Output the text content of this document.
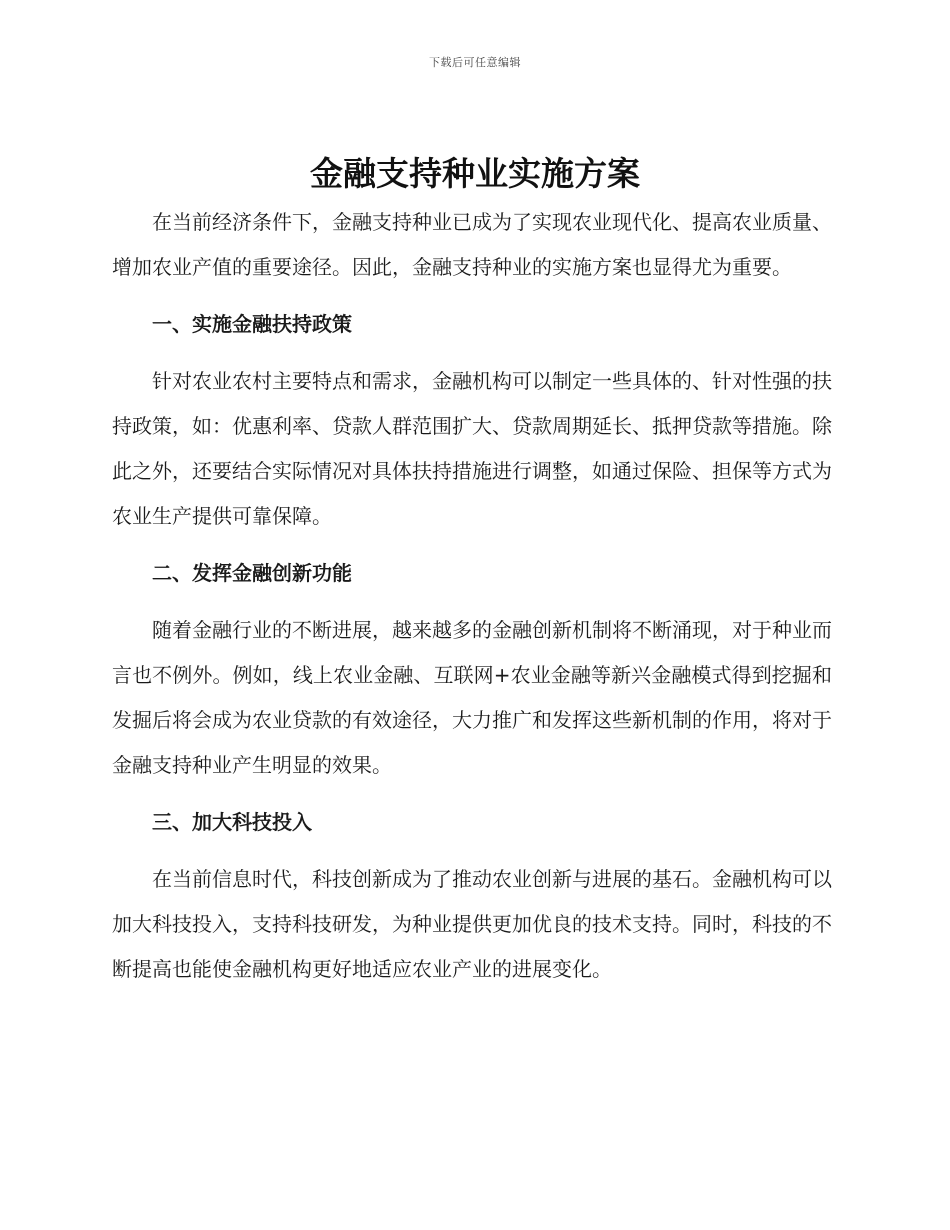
下载后可任意编辑
金融支持种业实施方案

在当前经济条件下，金融支持种业已成为了实现农业现代化、提高农业质量、增加农业产值的重要途径。因此，金融支持种业的实施方案也显得尤为重要。

一、实施金融扶持政策

针对农业农村主要特点和需求，金融机构可以制定一些具体的、针对性强的扶持政策，如：优惠利率、贷款人群范围扩大、贷款周期延长、抵押贷款等措施。除此之外，还要结合实际情况对具体扶持措施进行调整，如通过保险、担保等方式为农业生产提供可靠保障。

二、发挥金融创新功能

随着金融行业的不断进展，越来越多的金融创新机制将不断涌现，对于种业而言也不例外。例如，线上农业金融、互联网+农业金融等新兴金融模式得到挖掘和发掘后将会成为农业贷款的有效途径，大力推广和发挥这些新机制的作用，将对于金融支持种业产生明显的效果。

三、加大科技投入

在当前信息时代，科技创新成为了推动农业创新与进展的基石。金融机构可以加大科技投入，支持科技研发，为种业提供更加优良的技术支持。同时，科技的不断提高也能使金融机构更好地适应农业产业的进展变化。
